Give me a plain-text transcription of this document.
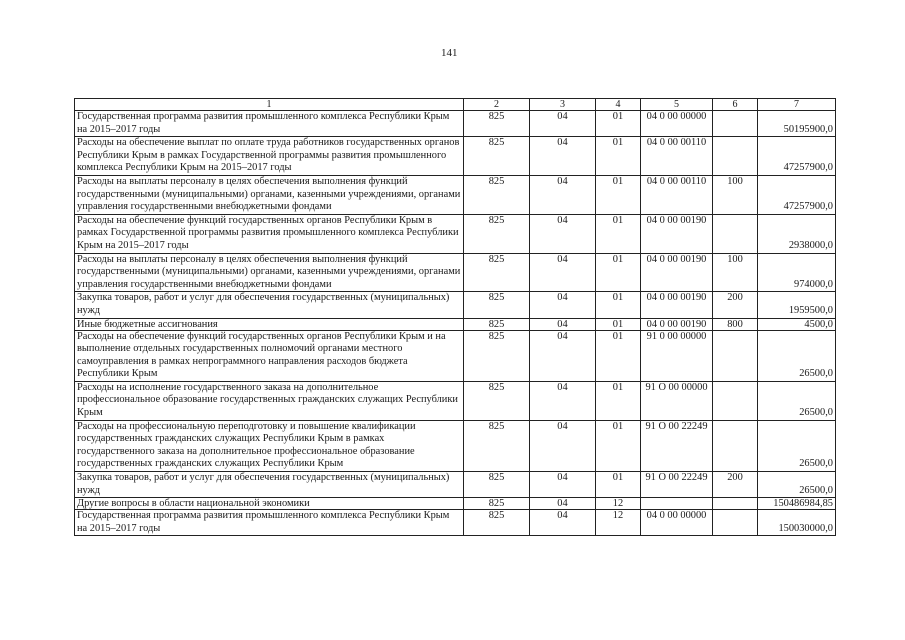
141
1	2	3	4	5	6	7
Государственная программа развития промышленного комплекса Республики Крым на 2015–2017 годы	825	04	01	04 0 00 00000		50195900,0
Расходы на обеспечение выплат по оплате труда работников государственных органов Республики Крым в рамках Государственной программы развития промышленного комплекса Республики Крым на 2015–2017 годы	825	04	01	04 0 00 00110		47257900,0
Расходы на выплаты персоналу в целях обеспечения выполнения функций государственными (муниципальными) органами, казенными учреждениями, органами управления государственными внебюджетными фондами	825	04	01	04 0 00 00110	100	47257900,0
Расходы на обеспечение функций государственных органов Республики Крым в рамках Государственной программы развития промышленного комплекса Республики Крым на 2015–2017 годы	825	04	01	04 0 00 00190		2938000,0
Расходы на выплаты персоналу в целях обеспечения выполнения функций государственными (муниципальными) органами, казенными учреждениями, органами управления государственными внебюджетными фондами	825	04	01	04 0 00 00190	100	974000,0
Закупка товаров, работ и услуг для обеспечения государственных (муниципальных) нужд	825	04	01	04 0 00 00190	200	1959500,0
Иные бюджетные ассигнования	825	04	01	04 0 00 00190	800	4500,0
Расходы на обеспечение функций государственных органов Республики Крым и на выполнение отдельных государственных полномочий органами местного самоуправления в рамках непрограммного направления расходов бюджета Республики Крым	825	04	01	91 0 00 00000		26500,0
Расходы на исполнение государственного заказа на дополнительное профессиональное образование государственных гражданских служащих Республики Крым	825	04	01	91 О 00 00000		26500,0
Расходы на профессиональную переподготовку и повышение квалификации государственных гражданских служащих Республики Крым в рамках государственного заказа на дополнительное профессиональное образование государственных гражданских служащих Республики Крым	825	04	01	91 О 00 22249		26500,0
Закупка товаров, работ и услуг для обеспечения государственных (муниципальных) нужд	825	04	01	91 О 00 22249	200	26500,0
Другие вопросы в области национальной экономики	825	04	12			150486984,85
Государственная программа развития промышленного комплекса Республики Крым на 2015–2017 годы	825	04	12	04 0 00 00000		150030000,0
